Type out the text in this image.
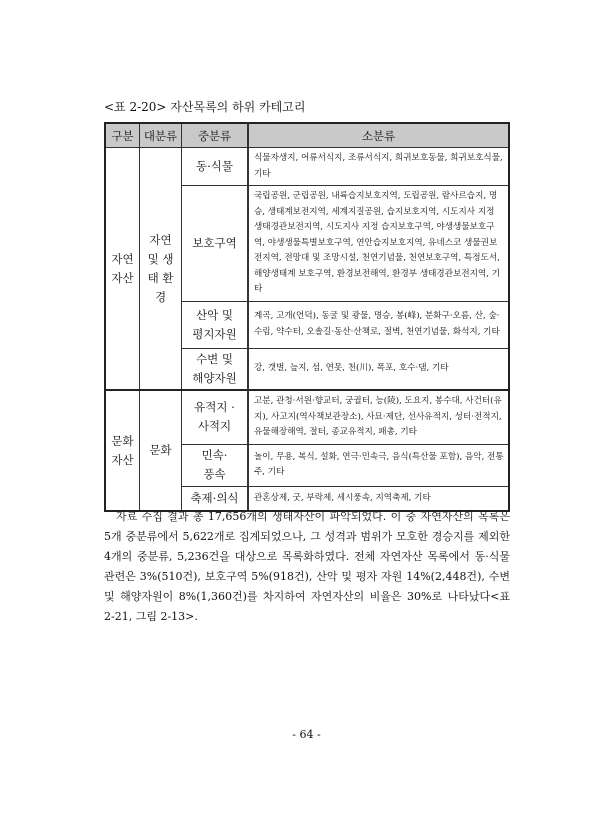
<표 2-20> 자산목록의 하위 카테고리
구분	대분류	중분류	소분류
자연 자산	자연 및 생태 환경	동·식물	식물자생지, 어류서식지, 조류서식지, 희귀보호동물, 희귀보호식물, 기타
		보호구역	국립공원, 군립공원, 내륙습지보호지역, 도립공원, 람사르습지, 명승, 생태계보전지역, 세계지질공원, 습지보호지역, 시도지사 지정 생태경관보전지역, 시도지사 지정 습지보호구역, 야생생물보호구역, 야생생물특별보호구역, 연안습지보호지역, 유네스코 생물권보전지역, 전망대 및 조망시설, 천연기념물, 천연보호구역, 특정도서, 해양생태계 보호구역, 환경보전해역, 환경부 생태경관보전지역, 기타
		산악 및 평지자원	계곡, 고개(언덕), 동굴 및 광물, 명승, 봉(峰), 분화구·오름, 산, 숲·수림, 약수터, 오솔길·동산·산책로, 절벽, 천연기념물, 화석지, 기타
		수변 및 해양자원	강, 갯벌, 늪지, 섬, 연못, 천(川), 폭포, 호수·댐, 기타
문화 자산	문화	유적지 ·사적지	고분, 관청·서원·향교터, 궁궐터, 능(陵), 도요지, 봉수대, 사건터(유지), 사고지(역사책보관장소), 사묘·제단, 선사유적지, 성터·전적지, 유물해장해역, 절터, 종교유적지, 패총, 기타
		민속· 풍속	놀이, 무용, 복식, 설화, 연극·민속극, 음식(특산물 포함), 음악, 전통주, 기타
		축제·의식	관혼상제, 굿, 부락제, 세시풍속, 지역축제, 기타

자료 수집 결과 총 17,656개의 생태자산이 파악되었다. 이 중 자연자산의 목록은 5개 중분류에서 5,622개로 집계되었으나, 그 성격과 범위가 모호한 경승지를 제외한 4개의 중분류, 5,236건을 대상으로 목록화하였다. 전체 자연자산 목록에서 동·식물 관련은 3%(510건), 보호구역 5%(918건), 산악 및 평자 자원 14%(2,448건), 수변 및 해양자원이 8%(1,360건)를 차지하여 자연자산의 비율은 30%로 나타났다<표 2-21, 그림 2-13>.

- 64 -
